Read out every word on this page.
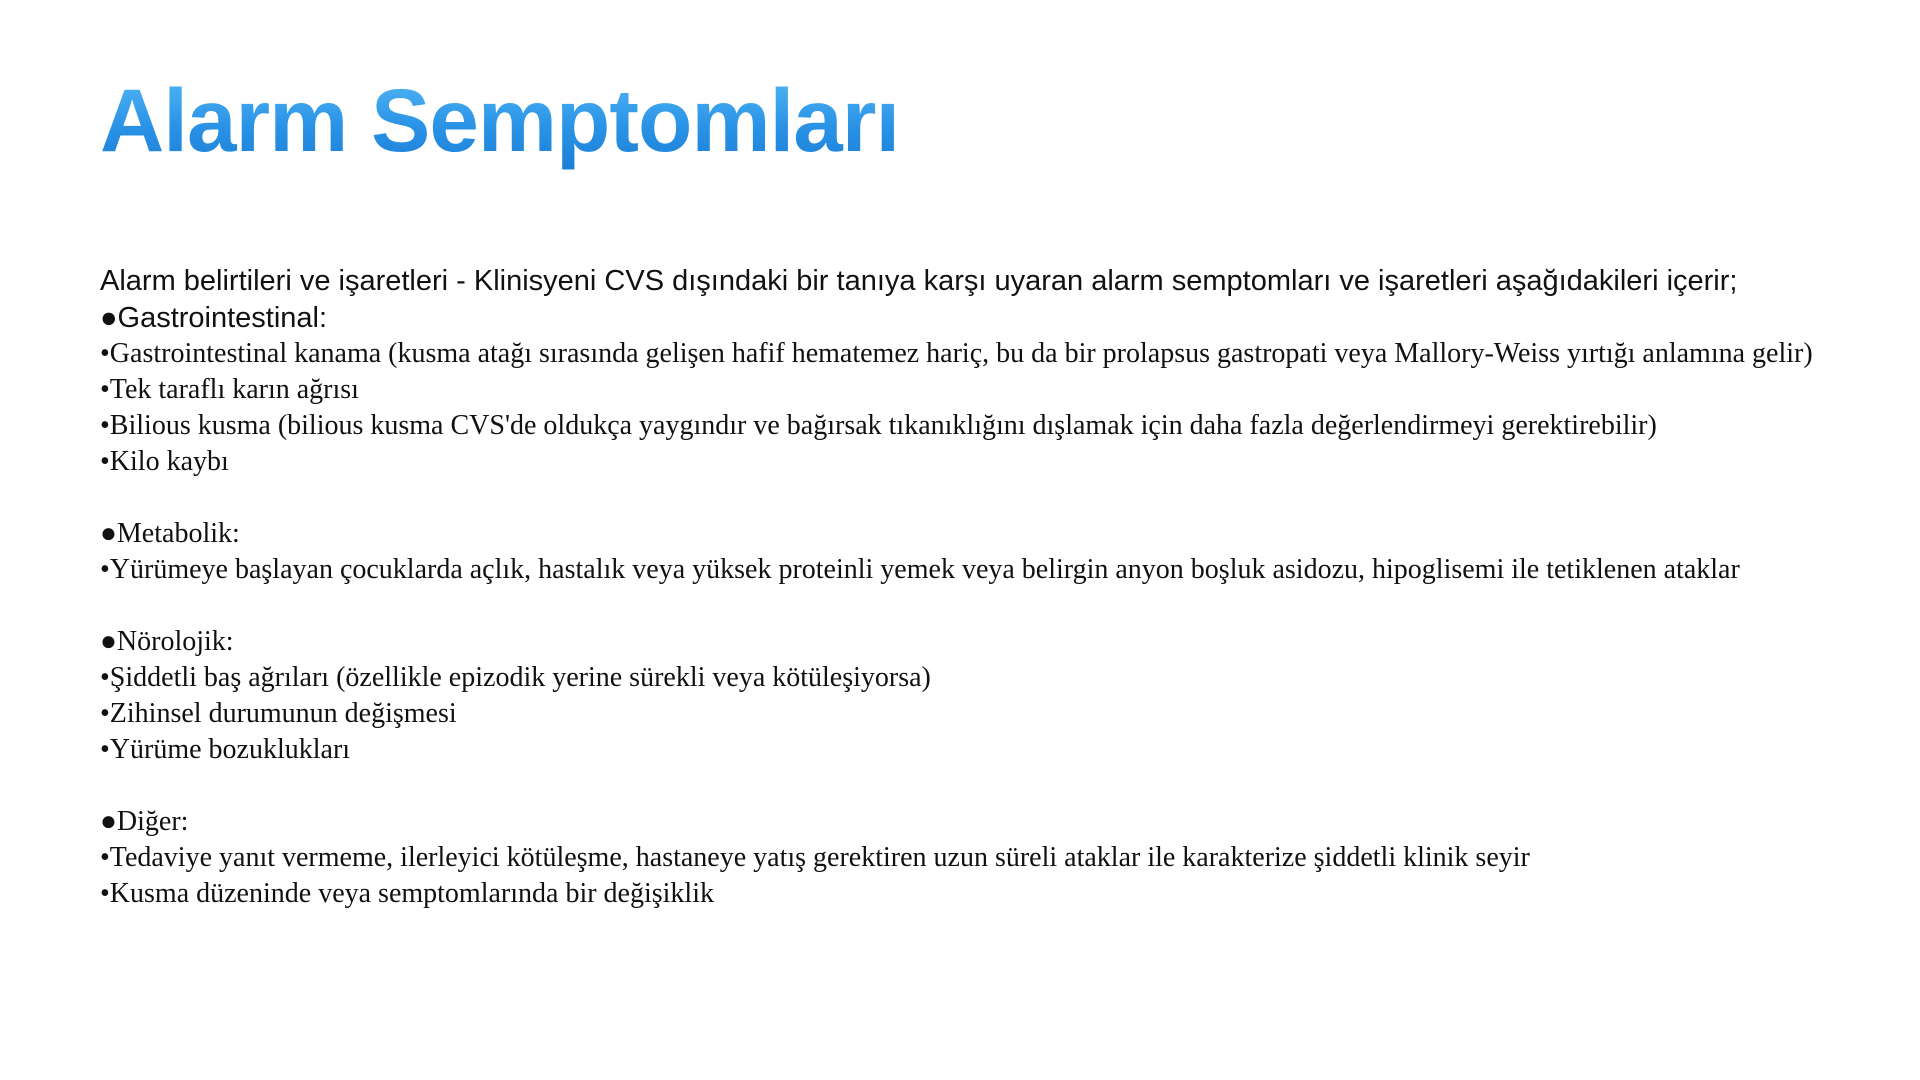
Alarm Semptomları

Alarm belirtileri ve işaretleri - Klinisyeni CVS dışındaki bir tanıya karşı uyaran alarm semptomları ve işaretleri aşağıdakileri içerir;

●Gastrointestinal:

•Gastrointestinal kanama (kusma atağı sırasında gelişen hafif hematemez hariç, bu da bir prolapsus gastropati veya Mallory-Weiss yırtığı anlamına gelir)
•Tek taraflı karın ağrısı
•Bilious kusma (bilious kusma CVS'de oldukça yaygındır ve bağırsak tıkanıklığını dışlamak için daha fazla değerlendirmeyi gerektirebilir)
•Kilo kaybı

●Metabolik:

•Yürümeye başlayan çocuklarda açlık, hastalık veya yüksek proteinli yemek veya belirgin anyon boşluk asidozu, hipoglisemi ile tetiklenen ataklar

●Nörolojik:

•Şiddetli baş ağrıları (özellikle epizodik yerine sürekli veya kötüleşiyorsa)
•Zihinsel durumunun değişmesi
•Yürüme bozuklukları

●Diğer:

•Tedaviye yanıt vermeme, ilerleyici kötüleşme, hastaneye yatış gerektiren uzun süreli ataklar ile karakterize şiddetli klinik seyir
•Kusma düzeninde veya semptomlarında bir değişiklik
